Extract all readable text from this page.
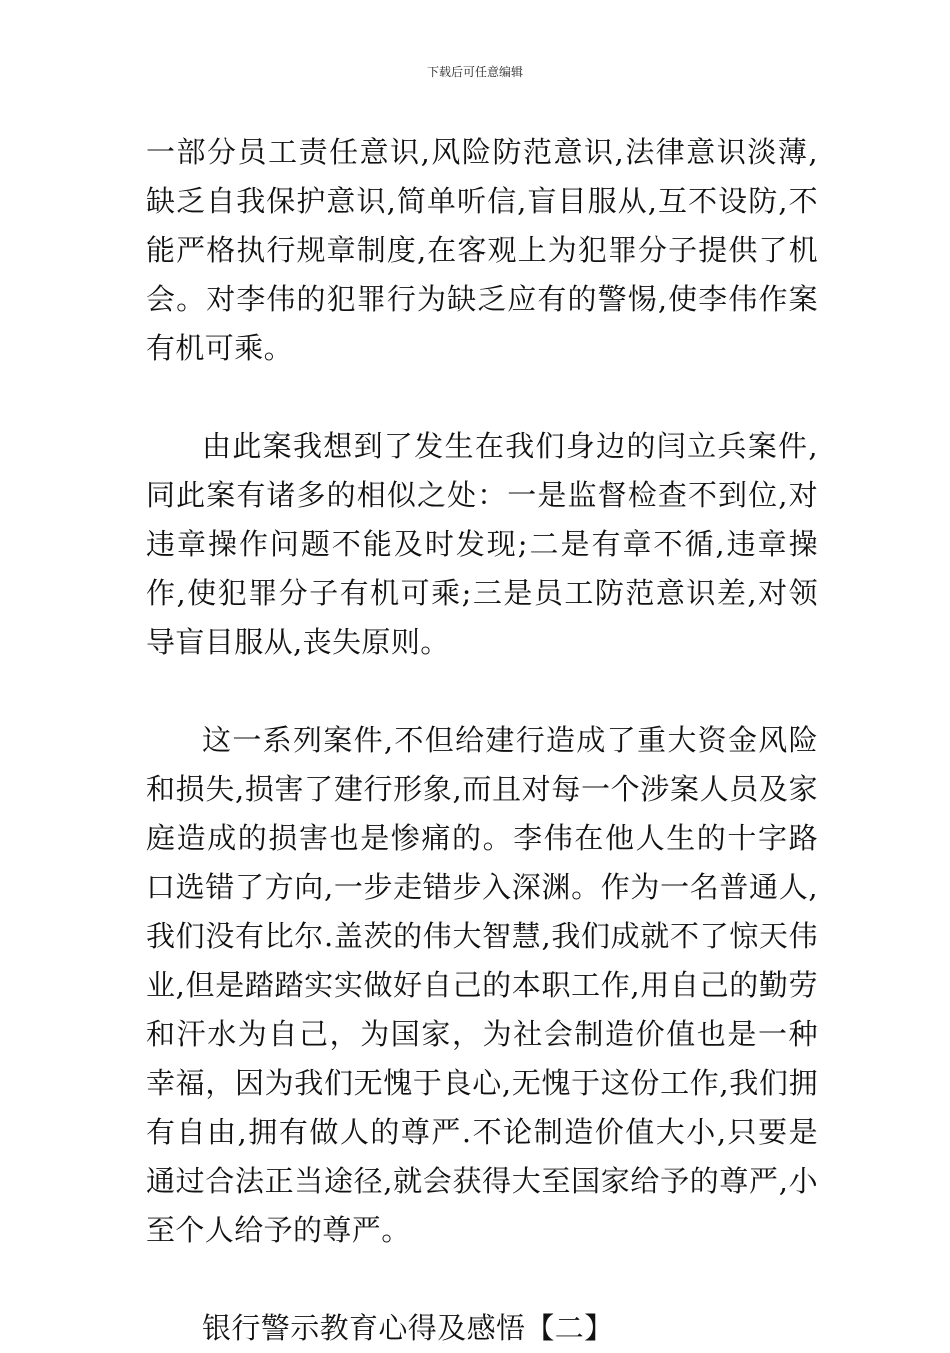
下载后可任意编辑

一部分员工责任意识,风险防范意识,法律意识淡薄,缺乏自我保护意识,简单听信,盲目服从,互不设防,不能严格执行规章制度,在客观上为犯罪分子提供了机会。对李伟的犯罪行为缺乏应有的警惕,使李伟作案有机可乘。

由此案我想到了发生在我们身边的闫立兵案件,同此案有诸多的相似之处：一是监督检查不到位,对违章操作问题不能及时发现;二是有章不循,违章操作,使犯罪分子有机可乘;三是员工防范意识差,对领导盲目服从,丧失原则。

这一系列案件,不但给建行造成了重大资金风险和损失,损害了建行形象,而且对每一个涉案人员及家庭造成的损害也是惨痛的。李伟在他人生的十字路口选错了方向,一步走错步入深渊。作为一名普通人,我们没有比尔.盖茨的伟大智慧,我们成就不了惊天伟业,但是踏踏实实做好自己的本职工作,用自己的勤劳和汗水为自己，为国家，为社会制造价值也是一种幸福，因为我们无愧于良心,无愧于这份工作,我们拥有自由,拥有做人的尊严.不论制造价值大小,只要是通过合法正当途径,就会获得大至国家给予的尊严,小至个人给予的尊严。

银行警示教育心得及感悟【二】
